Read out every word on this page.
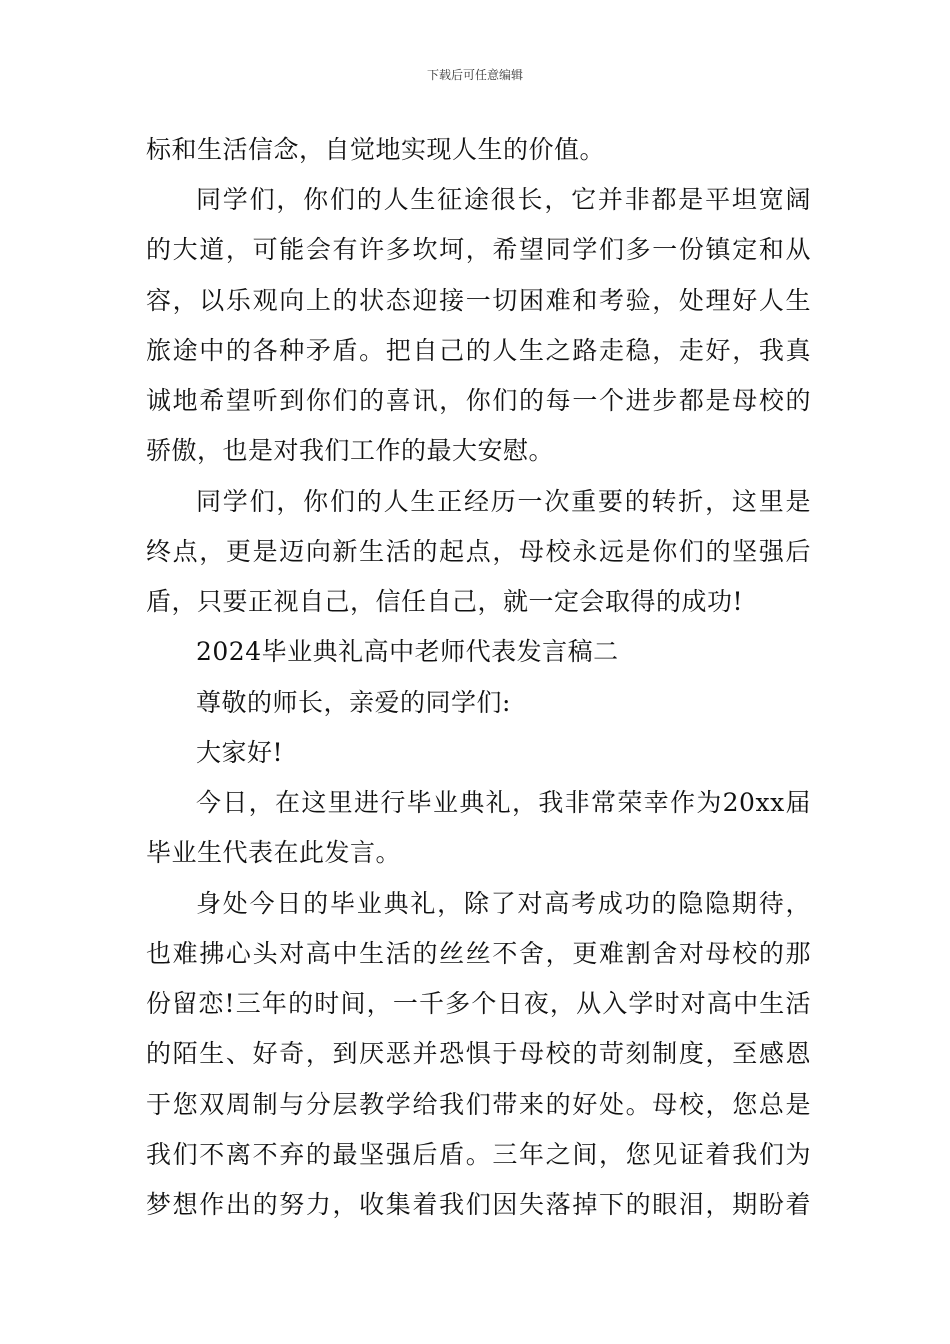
下载后可任意编辑
标和生活信念，自觉地实现人生的价值。
同学们，你们的人生征途很长，它并非都是平坦宽阔
的大道，可能会有许多坎坷，希望同学们多一份镇定和从
容，以乐观向上的状态迎接一切困难和考验，处理好人生
旅途中的各种矛盾。把自己的人生之路走稳，走好，我真
诚地希望听到你们的喜讯，你们的每一个进步都是母校的
骄傲，也是对我们工作的最大安慰。
同学们，你们的人生正经历一次重要的转折，这里是
终点，更是迈向新生活的起点，母校永远是你们的坚强后
盾，只要正视自己，信任自己，就一定会取得的成功!
2024毕业典礼高中老师代表发言稿二
尊敬的师长，亲爱的同学们:
大家好!
今日，在这里进行毕业典礼，我非常荣幸作为20xx届
毕业生代表在此发言。
身处今日的毕业典礼，除了对高考成功的隐隐期待，
也难拂心头对高中生活的丝丝不舍，更难割舍对母校的那
份留恋!三年的时间，一千多个日夜，从入学时对高中生活
的陌生、好奇，到厌恶并恐惧于母校的苛刻制度，至感恩
于您双周制与分层教学给我们带来的好处。母校，您总是
我们不离不弃的最坚强后盾。三年之间，您见证着我们为
梦想作出的努力，收集着我们因失落掉下的眼泪，期盼着
